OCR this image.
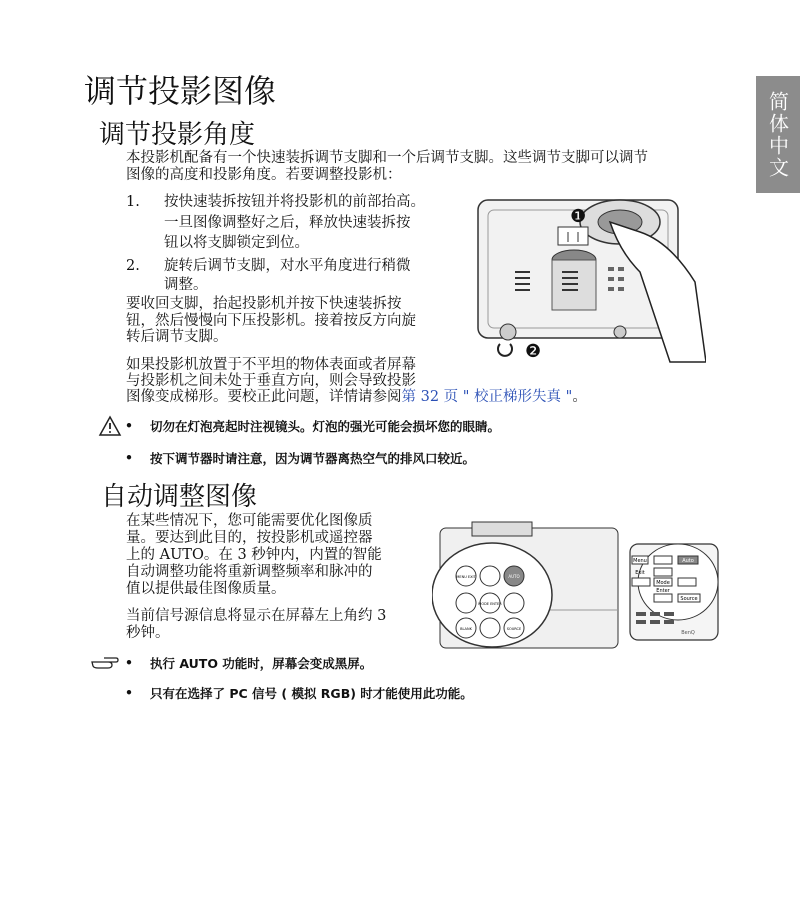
简体中文
调节投影图像
调节投影角度

本投影机配备有一个快速装拆调节支脚和一个后调节支脚。这些调节支脚可以调节

图像的高度和投影角度。若要调整投影机：

1. 按快速装拆按钮并将投影机的前部抬高。

一旦图像调整好之后，释放快速装拆按

钮以将支脚锁定到位。

2. 旋转后调节支脚，对水平角度进行稍微

调整。

要收回支脚，抬起投影机并按下快速装拆按

钮，然后慢慢向下压投影机。接着按反方向旋

转后调节支脚。

如果投影机放置于不平坦的物体表面或者屏幕

与投影机之间未处于垂直方向，则会导致投影

图像变成梯形。要校正此问题，详情请参阅第 32 页 " 校正梯形失真 "。

❶
❷
• 切勿在灯泡亮起时注视镜头。灯泡的强光可能会损坏您的眼睛。

• 按下调节器时请注意，因为调节器离热空气的排风口较近。

自动调整图像

在某些情况下，您可能需要优化图像质

量。要达到此目的，按投影机或遥控器

上的 AUTO。在 3 秒钟内，内置的智能

自动调整功能将重新调整频率和脉冲的

值以提供最佳图像质量。

当前信号源信息将显示在屏幕左上角约 3

秒钟。

MENU EXIT	AUTO
MODE ENTER
BLANK	SOURCE
Menu
Exit
Auto
Mode
Enter
Source
BenQ
• 执行 AUTO 功能时，屏幕会变成黑屏。

• 只有在选择了 PC 信号 ( 模拟 RGB) 时才能使用此功能。
